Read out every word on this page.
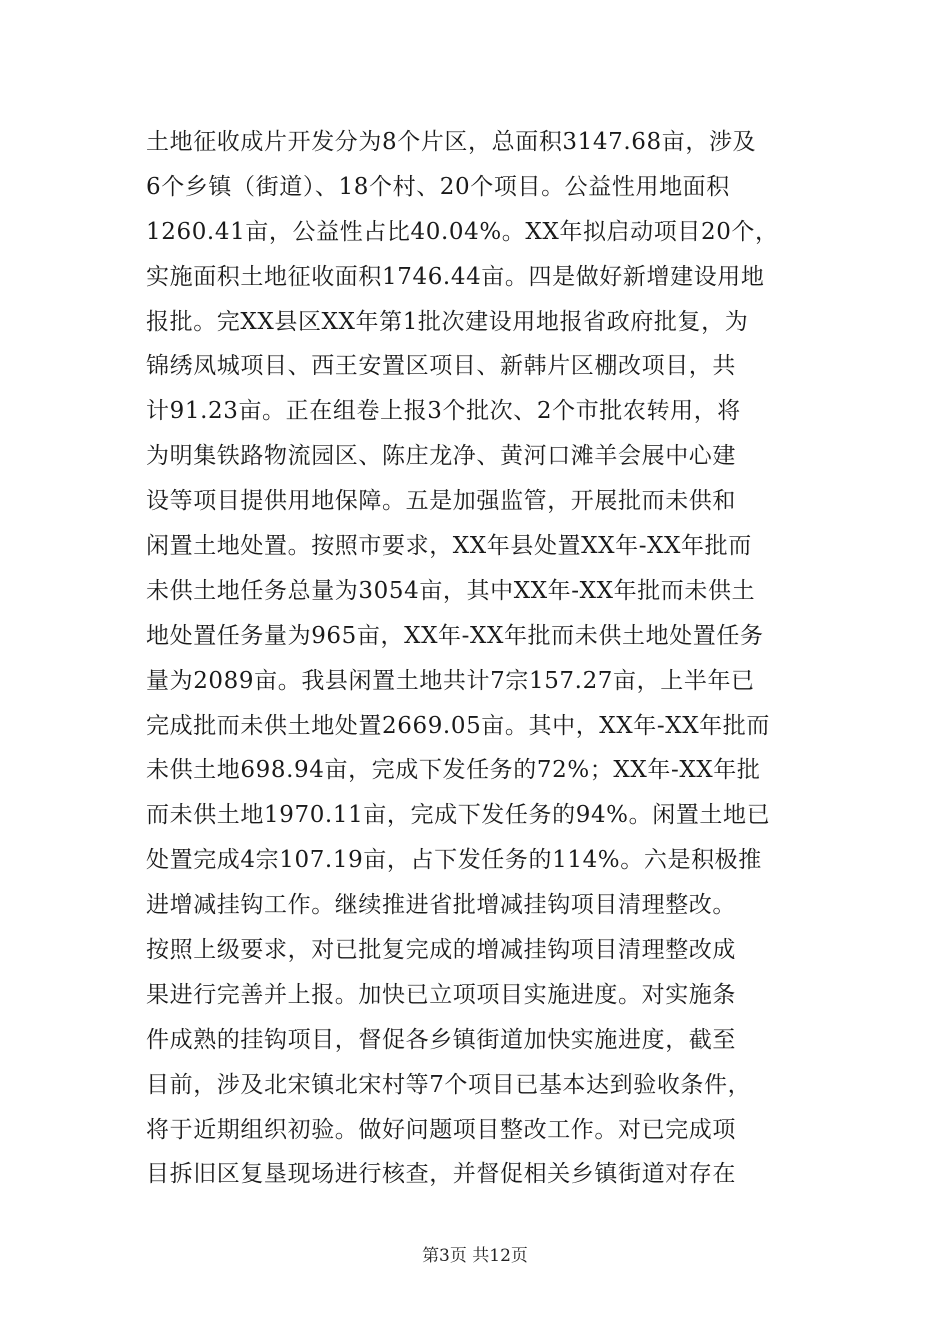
土地征收成片开发分为8个片区，总面积3147.68亩，涉及
6个乡镇（街道）、18个村、20个项目。公益性用地面积
1260.41亩，公益性占比40.04%。XX年拟启动项目20个，
实施面积土地征收面积1746.44亩。四是做好新增建设用地
报批。完XX县区XX年第1批次建设用地报省政府批复，为
锦绣凤城项目、西王安置区项目、新韩片区棚改项目，共
计91.23亩。正在组卷上报3个批次、2个市批农转用，将
为明集铁路物流园区、陈庄龙净、黄河口滩羊会展中心建
设等项目提供用地保障。五是加强监管，开展批而未供和
闲置土地处置。按照市要求，XX年县处置XX年-XX年批而
未供土地任务总量为3054亩，其中XX年-XX年批而未供土
地处置任务量为965亩，XX年-XX年批而未供土地处置任务
量为2089亩。我县闲置土地共计7宗157.27亩，上半年已
完成批而未供土地处置2669.05亩。其中，XX年-XX年批而
未供土地698.94亩，完成下发任务的72%；XX年-XX年批
而未供土地1970.11亩，完成下发任务的94%。闲置土地已
处置完成4宗107.19亩，占下发任务的114%。六是积极推
进增减挂钩工作。继续推进省批增减挂钩项目清理整改。
按照上级要求，对已批复完成的增减挂钩项目清理整改成
果进行完善并上报。加快已立项项目实施进度。对实施条
件成熟的挂钩项目，督促各乡镇街道加快实施进度，截至
目前，涉及北宋镇北宋村等7个项目已基本达到验收条件，
将于近期组织初验。做好问题项目整改工作。对已完成项
目拆旧区复垦现场进行核查，并督促相关乡镇街道对存在
第3页 共12页
